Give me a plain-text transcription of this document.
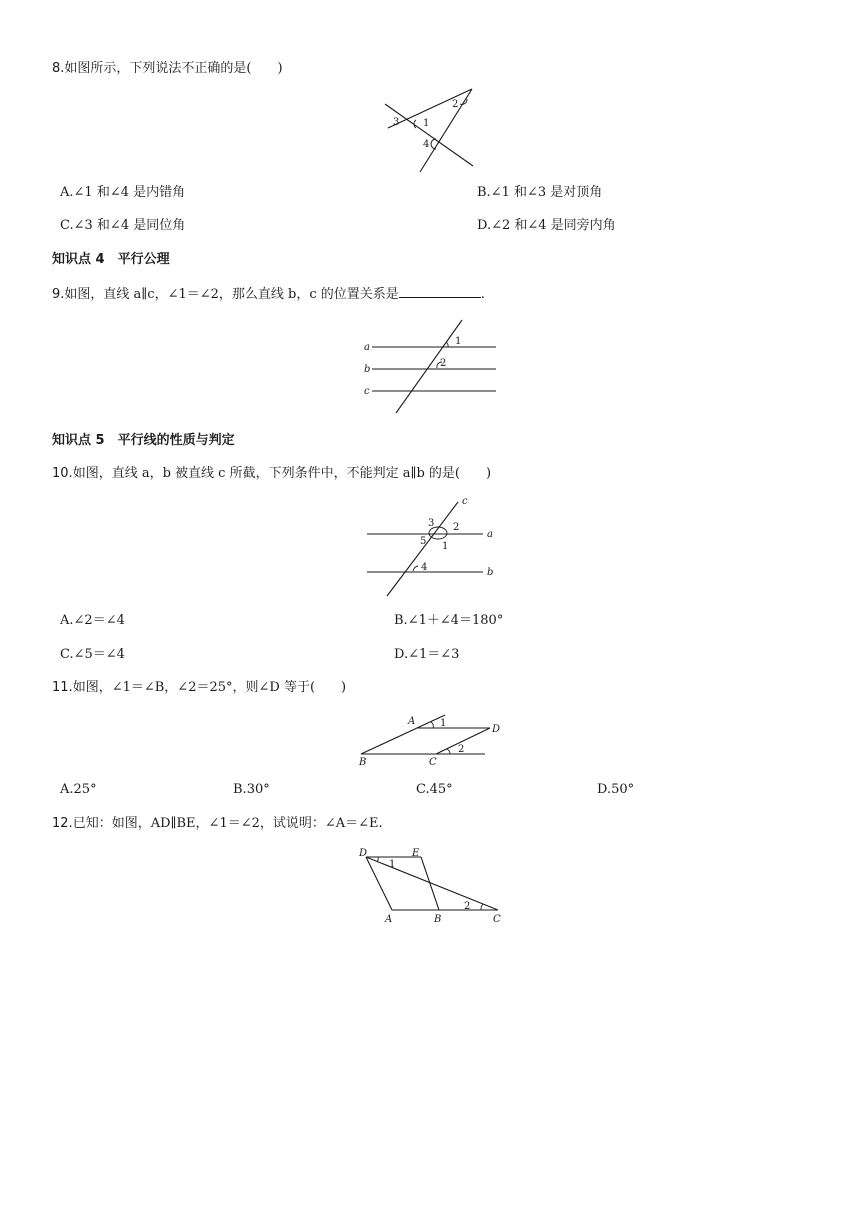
8.如图所示，下列说法不正确的是(　　)
1
2
3
4
A.∠1 和∠4 是内错角	B.∠1 和∠3 是对顶角
C.∠3 和∠4 是同位角	D.∠2 和∠4 是同旁内角
知识点 4　平行公理
9.如图，直线 a∥c，∠1＝∠2，那么直线 b，c 的位置关系是	.
a
b
c
1
2
知识点 5　平行线的性质与判定
10.如图，直线 a，b 被直线 c 所截，下列条件中，不能判定 a∥b 的是(　　)
c
a
b
1
2
3
4
5
A.∠2＝∠4	B.∠1＋∠4＝180°
C.∠5＝∠4	D.∠1＝∠3
11.如图，∠1＝∠B，∠2＝25°，则∠D 等于(　　)
A
B	C
D
1
2
A.25°	B.30°	C.45°	D.50°
12.已知：如图，AD∥BE，∠1＝∠2，试说明：∠A＝∠E.
D	E
A	B	C
1
2
